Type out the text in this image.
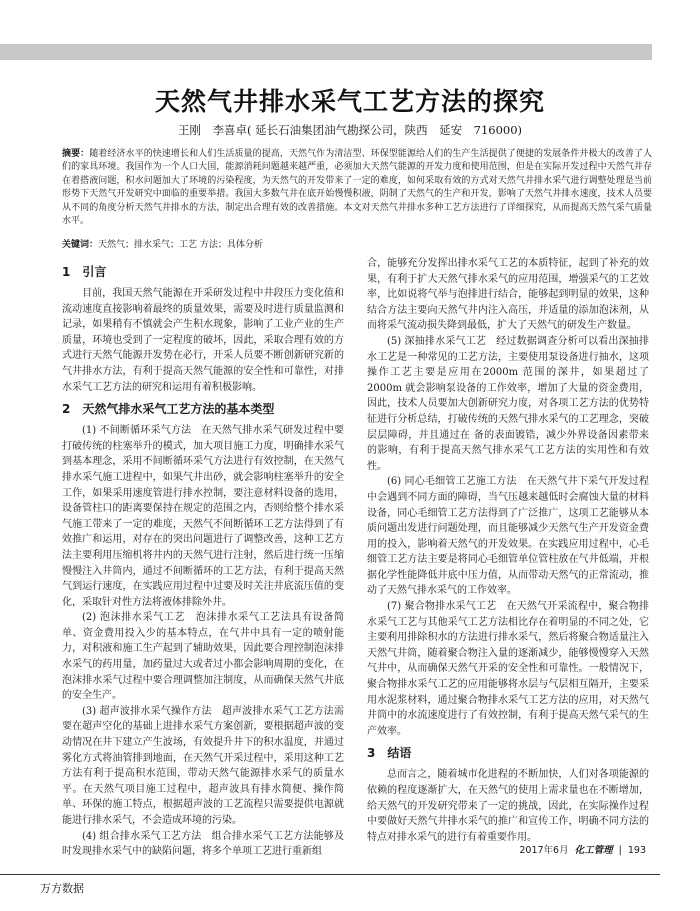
天然气井排水采气工艺方法的探究
王刚　李喜卓( 延长石油集团油气勘探公司，陕西　延安　716000)
摘要：随着经济水平的快速增长和人们生活质量的提高，天然气作为清洁型、环保型能源给人们的生产生活提供了便捷的发展条件并极大的改善了人们的家具环境。我国作为一个人口大国，能源消耗问题越来越严重，必须加大天然气能源的开发力度和使用范围，但是在实际开发过程中天然气井存在着搭液问题，积水问题加大了环境的污染程度，为天然气的开发带来了一定的难度，如何采取有效的方式对天然气井排水采气进行调整处理是当前形势下天然气开发研究中面临的重要举措。我国大多数气井在底开始慢慢积液，阴制了天然气的生产和开发，影响了天然气井排水速度，技术人员要从不同的角度分析天然气井排水的方法，制定出合理有效的改善措施。本文对天然气井排水多种工艺方法进行了详细探究，从而提高天然气采气质量水平。
关键词：天然气；排水采气；工艺 方法；具体分析
1　引言

目前，我国天然气能源在开采研发过程中井段压力变化值和流动速度直接影响着最终的质量效果，需要及时进行质量监测和记录，如果稍有不慎就会产生积水现象，影响了工业产业的生产质量，环境也受到了一定程度的破坏，因此，采取合理有效的方式进行天然气能源开发势在必行，开采人员要不断创新研究新的气井排水方法，有利于提高天然气能源的安全性和可靠性，对排水采气工艺方法的研究和运用有着积极影响。

2　天然气排水采气工艺方法的基本类型

(1) 不间断循环采气方法　在天然气排水采气研发过程中要打破传统的柱塞举升的模式，加大项目施工力度，明确排水采气到基本理念，采用不间断循环采气方法进行有效控制，在天然气排水采气施工进程中，如果气井出砂，就会影响柱塞举升的安全工作，如果采用速度管进行排水控制，要注意材料设备的选用，设备管柱口的距离要保持在规定的范围之内，否则给整个排水采气施工带来了一定的难度，天然气不间断循环工艺方法得到了有效推广和运用，对存在的突出问题进行了调整改善，这种工艺方法主要利用压缩机将井内的天然气进行注射，然后进行统一压缩慢慢注入井筒内，通过不间断循环的工艺方法，有利于提高天然气到运行速度，在实践应用过程中过要及时关注井底流压值的变化，采取针对性方法将液体排除外井。

(2) 泡沫排水采气工艺　泡沫排水采气工艺法具有设备简单、资金费用投入少的基本特点，在气井中具有一定的喷射能力，对积液和施工生产起到了辅助效果，因此要合理控制泡沫排水采气的药用量，加药量过大或者过小都会影响周期的变化，在泡沫排水采气过程中要合理调整加注制度，从而确保天然气井底的安全生产。

(3) 超声波排水采气操作方法　超声波排水采气工艺方法需要在超声空化的基础上进排水采气方案创新，要根据超声波的变动情况在井下建立产生波场，有效提升井下的积水温度，并通过雾化方式将油管排到地面，在天然气开采过程中，采用这种工艺方法有利于提高积水范围，带动天然气能源排水采气的质量水平。在天然气项目施工过程中，超声波具有排水简便、操作简单、环保的施工特点，根据超声波的工艺流程只需要提供电源就能进行排水采气，不会造成环境的污染。

(4) 组合排水采气工艺方法　组合排水采气工艺方法能够及时发现排水采气中的缺陷问题，将多个单项工艺进行重新组

合，能够充分发挥出排水采气工艺的本质特征，起到了补充的效果，有利于扩大天然气排水采气的应用范围，增强采气的工艺效率，比如说将气举与泡排进行结合，能够起到明显的效果，这种结合方法主要向天然气井内注入高压，并适量的添加泡沫剂，从而将采气流动损失降到最低，扩大了天然气的研发生产数量。

(5) 深抽排水采气工艺　经过数据调查分析可以看出深抽排水工艺是一种常见的工艺方法，主要使用泵设备进行抽水，这项操作工艺主要是应用在2000m 范围的深井，如果超过了2000m 就会影响泵设备的工作效率，增加了大量的资金费用，因此，技术人员要加大创新研究力度，对各项工艺方法的优势特征进行分析总结，打破传统的天然气排水采气的工艺理念，突破层层障碍，并且通过在 备的表面镀锆，减少外界设备因素带来的影响，有利于提高天然气排水采气工艺方法的实用性和有效性。

(6) 同心毛细管工艺施工方法　在天然气井下采气开发过程中会遇到不同方面的障碍，当气压越来越低时会腐蚀大量的材料设备，同心毛细管工艺方法得到了广泛推广，这项工艺能够从本质问题出发进行问题处理，而且能够减少天然气生产开发资金费用的投入，影响着天然气的开发效果。在实践应用过程中，心毛细管工艺方法主要是将同心毛细管单位管柱放在气井低端，并根据化学性能降低井底中压力值，从而带动天然气的正常流动，推动了天然气排水采气的工作效率。

(7) 聚合物排水采气工艺　在天然气开采流程中，聚合物排水采气工艺与其他采气工艺方法相比存在着明显的不同之处，它主要利用排除积水的方法进行排水采气，然后将聚合物适量注入天然气井筒，随着聚合物注入量的逐渐减少，能够慢慢穿入天然气井中，从而确保天然气开采的安全性和可靠性。一般情况下，聚合物排水采气工艺的应用能够将水层与气层相互隔开，主要采用水泥浆材料，通过聚合物排水采气工艺方法的应用，对天然气井筒中的水流速度进行了有效控制，有利于提高天然气采气的生产效率。

3　结语

总而言之，随着城市化进程的不断加快，人们对各项能源的依赖的程度逐渐扩大，在天然气的使用上需求量也在不断增加，给天然气的开发研究带来了一定的挑战，因此，在实际操作过程中要做好天然气井排水采气的推广和宣传工作，明确不同方法的特点对排水采气的进行有着重要作用。

2017年6月 化工管理 |  193
万方数据
